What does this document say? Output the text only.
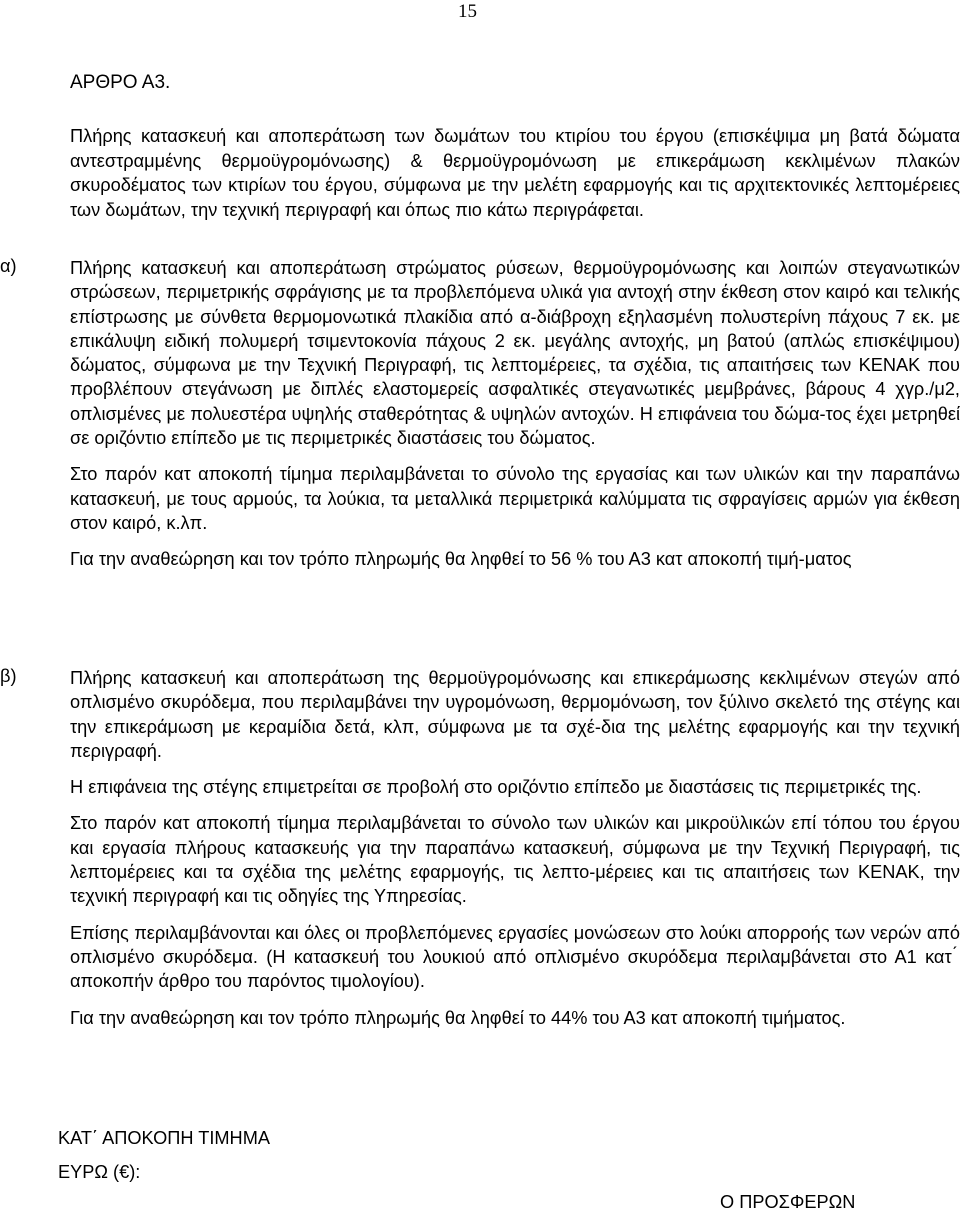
15
ΑΡΘΡΟ Α3.
Πλήρης κατασκευή και αποπεράτωση των δωμάτων του κτιρίου του έργου (επισκέψιμα μη βατά δώματα αντεστραμμένης θερμοϋγρομόνωσης) & θερμοϋγρομόνωση με επικεράμωση κεκλιμένων πλακών σκυροδέματος των κτιρίων του έργου, σύμφωνα με την μελέτη εφαρμογής και τις αρχιτεκτονικές λεπτομέρειες των δωμάτων, την τεχνική περιγραφή και όπως πιο κάτω περιγράφεται.
α)	Πλήρης κατασκευή και αποπεράτωση στρώματος ρύσεων, θερμοϋγρομόνωσης και λοιπών στεγανωτικών στρώσεων, περιμετρικής σφράγισης με τα προβλεπόμενα υλικά για αντοχή στην έκθεση στον καιρό και τελικής επίστρωσης με σύνθετα θερμομονωτικά πλακίδια από α-διάβροχη εξηλασμένη πολυστερίνη πάχους 7 εκ. με επικάλυψη ειδική πολυμερή τσιμεντοκονία πάχους 2 εκ. μεγάλης αντοχής, μη βατού (απλώς επισκέψιμου) δώματος, σύμφωνα με την Τεχνική Περιγραφή, τις λεπτομέρειες, τα σχέδια, τις απαιτήσεις των ΚΕΝΑΚ που προβλέπουν στεγάνωση με διπλές ελαστομερείς ασφαλτικές στεγανωτικές μεμβράνες, βάρους 4 χγρ./μ2, οπλισμένες με πολυεστέρα υψηλής σταθερότητας & υψηλών αντοχών. Η επιφάνεια του δώμα-τος έχει μετρηθεί σε οριζόντιο επίπεδο με τις περιμετρικές διαστάσεις του δώματος.

Στο παρόν κατ αποκοπή τίμημα περιλαμβάνεται το σύνολο της εργασίας και των υλικών και την παραπάνω κατασκευή, με τους αρμούς, τα λούκια, τα μεταλλικά περιμετρικά καλύμματα τις σφραγίσεις αρμών για έκθεση στον καιρό, κ.λπ.

Για την αναθεώρηση και τον τρόπο πληρωμής θα ληφθεί το 56 % του Α3 κατ αποκοπή τιμή-ματος

β)	Πλήρης κατασκευή και αποπεράτωση της θερμοϋγρομόνωσης και επικεράμωσης κεκλιμένων στεγών από οπλισμένο σκυρόδεμα, που περιλαμβάνει την υγρομόνωση, θερμομόνωση, τον ξύλινο σκελετό της στέγης και την επικεράμωση με κεραμίδια δετά, κλπ, σύμφωνα με τα σχέ-δια της μελέτης εφαρμογής και την τεχνική περιγραφή.

Η επιφάνεια της στέγης επιμετρείται σε προβολή στο οριζόντιο επίπεδο με διαστάσεις τις περιμετρικές της.

Στο παρόν κατ αποκοπή τίμημα περιλαμβάνεται το σύνολο των υλικών και μικροϋλικών επί τόπου του έργου και εργασία πλήρους κατασκευής για την παραπάνω κατασκευή, σύμφωνα με την Τεχνική Περιγραφή, τις λεπτομέρειες και τα σχέδια της μελέτης εφαρμογής, τις λεπτο-μέρειες και τις απαιτήσεις των ΚΕΝΑΚ, την τεχνική περιγραφή και τις οδηγίες της Υπηρεσίας.

Επίσης περιλαμβάνονται και όλες οι προβλεπόμενες εργασίες μονώσεων στο λούκι απορροής των νερών από οπλισμένο σκυρόδεμα. (Η κατασκευή του λουκιού από οπλισμένο σκυρόδεμα περιλαμβάνεται στο Α1 κατ ́ αποκοπήν άρθρο του παρόντος τιμολογίου).

Για την αναθεώρηση και τον τρόπο πληρωμής θα ληφθεί το 44% του Α3 κατ αποκοπή τιμήματος.

ΚΑΤ΄ ΑΠΟΚΟΠΗ ΤΙΜΗΜΑ
ΕΥΡΩ (€):
Ο ΠΡΟΣΦΕΡΩΝ
